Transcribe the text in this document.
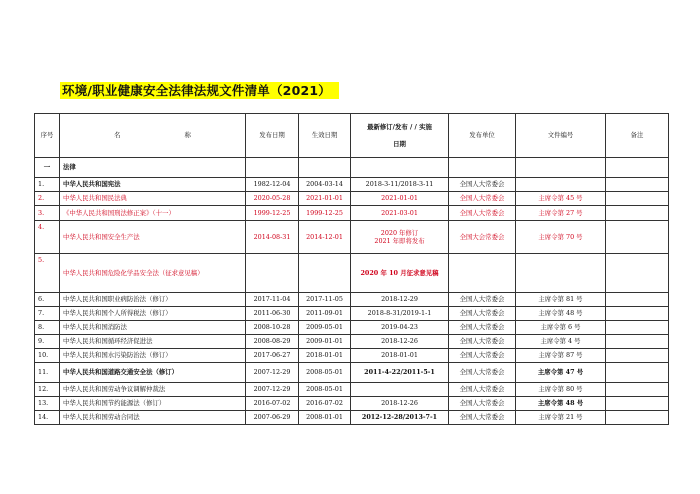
环境/职业健康安全法律法规文件清单（2021）
序号	名 称	发布日期	生效日期	最新修订/发布 / / 实施
日期	发布单位	文件编号	备注
一	法律						
1.	中华人民共和国宪法	1982-12-04	2004-03-14	2018-3-11/2018-3-11	全国人大常委会		
2.	中华人民共和国民法典	2020-05-28	2021-01-01	2021-01-01	全国人大常委会	主席令第 45 号	
3.	《中华人民共和国刑法修正案》（十一）	1999-12-25	1999-12-25	2021-03-01	全国人大常委会	主席令第 27 号	
4.	中华人民共和国安全生产法	2014-08-31	2014-12-01	2020 年修订
2021 年即将发布	全国大会常委会	主席令第 70 号	
5.	中华人民共和国危险化学品安全法（征求意见稿）			2020 年 10 月征求意见稿			
6.	中华人民共和国职业病防治法（修订）	2017-11-04	2017-11-05	2018-12-29	全国人大常委会	主席令第 81 号	
7.	中华人民共和国个人所得税法（修订）	2011-06-30	2011-09-01	2018-8-31/2019-1-1	全国人大常委会	主席令第 48 号	
8.	中华人民共和国消防法	2008-10-28	2009-05-01	2019-04-23	全国人大常委会	主席令第 6 号	
9.	中华人民共和国循环经济促进法	2008-08-29	2009-01-01	2018-12-26	全国人大常委会	主席令第 4 号	
10.	中华人民共和国水污染防治法（修订）	2017-06-27	2018-01-01	2018-01-01	全国人大常委会	主席令第 87 号	
11.	中华人民共和国道路交通安全法（修订）	2007-12-29	2008-05-01	2011-4-22/2011-5-1	全国人大常委会	主席令第 47 号	
12.	中华人民共和国劳动争议调解仲裁法	2007-12-29	2008-05-01		全国人大常委会	主席令第 80 号	
13.	中华人民共和国节约能源法（修订）	2016-07-02	2016-07-02	2018-12-26	全国人大常委会	主席令第 48 号	
14.	中华人民共和国劳动合同法	2007-06-29	2008-01-01	2012-12-28/2013-7-1	全国人大常委会	主席令第 21 号	
